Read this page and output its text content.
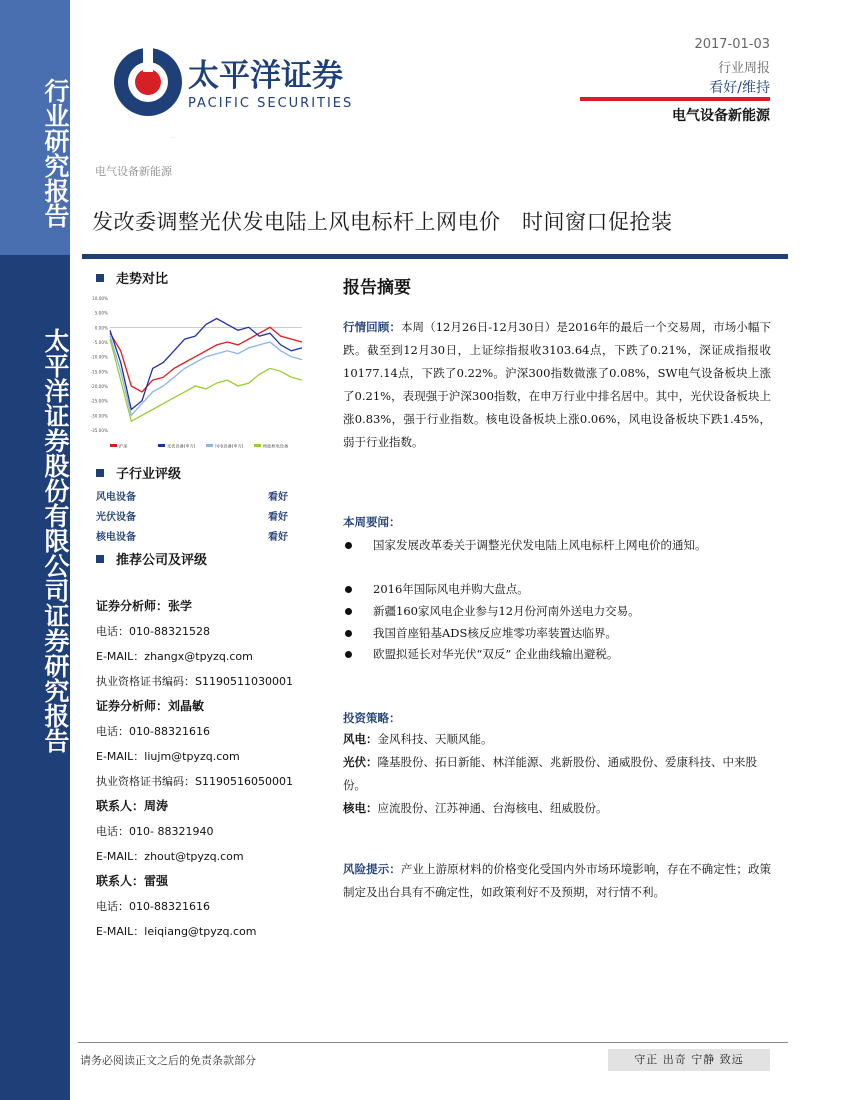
行业研究报告
太平洋证券股份有限公司证券研究报告
太平洋证券
PACIFIC SECURITIES
2017-01-03
行业周报
看好/维持
电气设备新能源
电气设备新能源
发改委调整光伏发电陆上风电标杆上网电价　时间窗口促抢装
走势对比
10.00%
5.00%
0.00%
-5.00%
-10.00%
-15.00%
-20.00%
-25.00%
-30.00%
-35.00%
沪深	光伏设备(申万)	风电设备(申万)	核能核电设备
子行业评级
风电设备	看好
光伏设备	看好
核电设备	看好
推荐公司及评级
证券分析师：张学
电话：010-88321528
E-MAIL：zhangx@tpyzq.com
执业资格证书编码：S1190511030001
证券分析师：刘晶敏
电话：010-88321616
E-MAIL：liujm@tpyzq.com
执业资格证书编码：S1190516050001
联系人：周涛
电话：010- 88321940
E-MAIL：zhout@tpyzq.com
联系人：雷强
电话：010-88321616
E-MAIL：leiqiang@tpyzq.com
报告摘要
行情回顾：本周（12月26日-12月30日）是2016年的最后一个交易周，市场小幅下跌。截至到12月30日，上证综指报收3103.64点，下跌了0.21%，深证成指报收10177.14点，下跌了0.22%。沪深300指数微涨了0.08%，SW电气设备板块上涨了0.21%，表现强于沪深300指数，在申万行业中排名居中。其中，光伏设备板块上涨0.83%，强于行业指数。核电设备板块上涨0.06%，风电设备板块下跌1.45%，弱于行业指数。
本周要闻：
国家发展改革委关于调整光伏发电陆上风电标杆上网电价的通知。
2016年国际风电并购大盘点。
新疆160家风电企业参与12月份河南外送电力交易。
我国首座铅基ADS核反应堆零功率装置达临界。
欧盟拟延长对华光伏“双反” 企业曲线输出避税。
投资策略：
风电：金风科技、天顺风能。
光伏：隆基股份、拓日新能、林洋能源、兆新股份、通威股份、爱康科技、中来股份。
核电：应流股份、江苏神通、台海核电、纽威股份。
风险提示：产业上游原材料的价格变化受国内外市场环境影响，存在不确定性；政策制定及出台具有不确定性，如政策利好不及预期，对行情不利。
请务必阅读正文之后的免责条款部分	守正 出奇 宁静 致远
